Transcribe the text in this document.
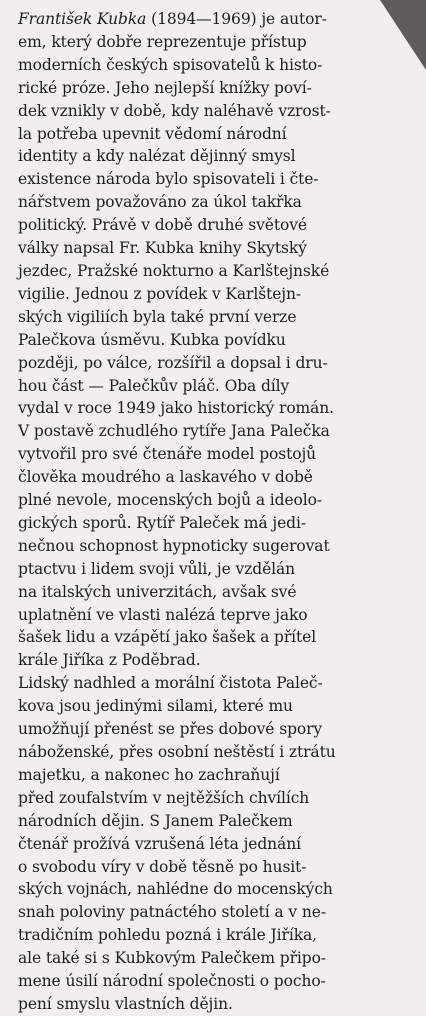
František Kubka (1894—1969) je autor-
em, který dobře reprezentuje přístup
moderních českých spisovatelů k histo-
rické próze. Jeho nejlepší knížky poví-
dek vznikly v době, kdy naléhavě vzrost-
la potřeba upevnit vědomí národní
identity a kdy nalézat dějinný smysl
existence národa bylo spisovateli i čte-
nářstvem považováno za úkol takřka
politický. Právě v době druhé světové
války napsal Fr. Kubka knihy Skytský
jezdec, Pražské nokturno a Karlštejnské
vigilie. Jednou z povídek v Karlštejn-
ských vigiliích byla také první verze
Palečkova úsměvu. Kubka povídku
později, po válce, rozšířil a dopsal i dru-
hou část — Palečkův pláč. Oba díly
vydal v roce 1949 jako historický román.
V postavě zchudlého rytíře Jana Palečka
vytvořil pro své čtenáře model postojů
člověka moudrého a laskavého v době
plné nevole, mocenských bojů a ideolo-
gických sporů. Rytíř Paleček má jedi-
nečnou schopnost hypnoticky sugerovat
ptactvu i lidem svoji vůli, je vzdělán
na italských univerzitách, avšak své
uplatnění ve vlasti nalézá teprve jako
šašek lidu a vzápětí jako šašek a přítel
krále Jiříka z Poděbrad.
Lidský nadhled a morální čistota Paleč-
kova jsou jedinými silami, které mu
umožňují přenést se přes dobové spory
náboženské, přes osobní neštěstí i ztrátu
majetku, a nakonec ho zachraňují
před zoufalstvím v nejtěžších chvílích
národních dějin. S Janem Palečkem
čtenář prožívá vzrušená léta jednání
o svobodu víry v době těsně po husit-
ských vojnách, nahlédne do mocenských
snah poloviny patnáctého století a v ne-
tradičním pohledu pozná i krále Jiříka,
ale také si s Kubkovým Palečkem připo-
mene úsilí národní společnosti o pocho-
pení smyslu vlastních dějin.
